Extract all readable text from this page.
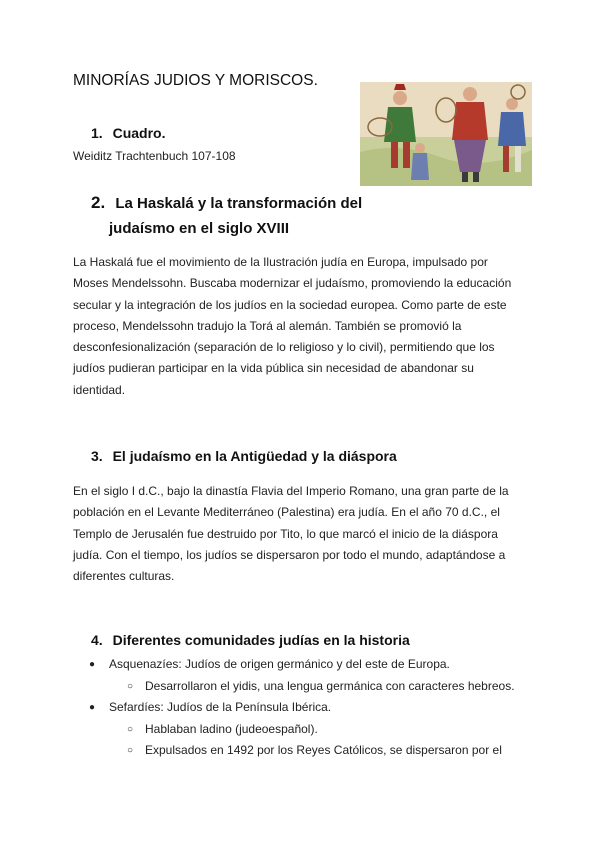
MINORÍAS JUDIOS Y MORISCOS.
1. Cuadro.
Weiditz Trachtenbuch 107-108
2. La Haskalá y la transformación del
judaísmo en el siglo XVIII
La Haskalá fue el movimiento de la Ilustración judía en Europa, impulsado por
Moses Mendelssohn. Buscaba modernizar el judaísmo, promoviendo la educación
secular y la integración de los judíos en la sociedad europea. Como parte de este
proceso, Mendelssohn tradujo la Torá al alemán. También se promovió la
desconfesionalización (separación de lo religioso y lo civil), permitiendo que los
judíos pudieran participar en la vida pública sin necesidad de abandonar su
identidad.
3. El judaísmo en la Antigüedad y la diáspora
En el siglo I d.C., bajo la dinastía Flavia del Imperio Romano, una gran parte de la
población en el Levante Mediterráneo (Palestina) era judía. En el año 70 d.C., el
Templo de Jerusalén fue destruido por Tito, lo que marcó el inicio de la diáspora
judía. Con el tiempo, los judíos se dispersaron por todo el mundo, adaptándose a
diferentes culturas.
4. Diferentes comunidades judías en la historia
● Asquenazíes: Judíos de origen germánico y del este de Europa.
○ Desarrollaron el yidis, una lengua germánica con caracteres hebreos.
● Sefardíes: Judíos de la Península Ibérica.
○ Hablaban ladino (judeoespañol).
○ Expulsados en 1492 por los Reyes Católicos, se dispersaron por el
